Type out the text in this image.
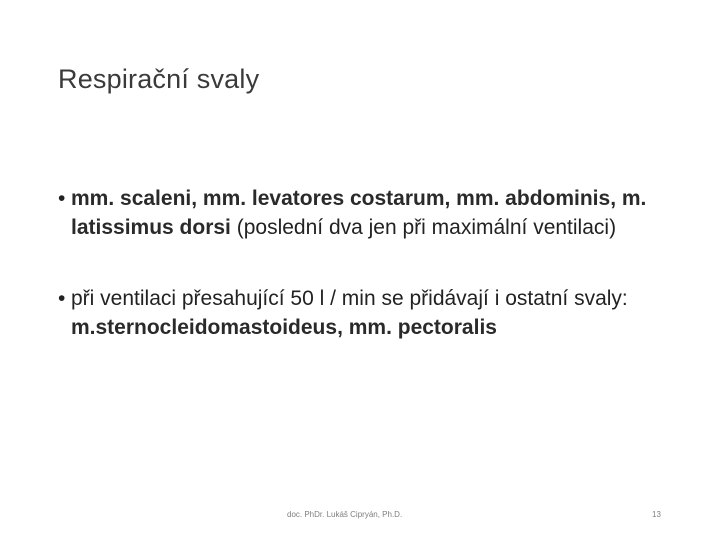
Respirační svaly
• mm. scaleni, mm. levatores costarum, mm. abdominis, m. latissimus dorsi (poslední dva jen při maximální ventilaci)
• při ventilaci přesahující 50 l / min se přidávají i ostatní svaly: m.sternocleidomastoideus, mm. pectoralis
doc. PhDr. Lukáš Cipryán, Ph.D.	13
